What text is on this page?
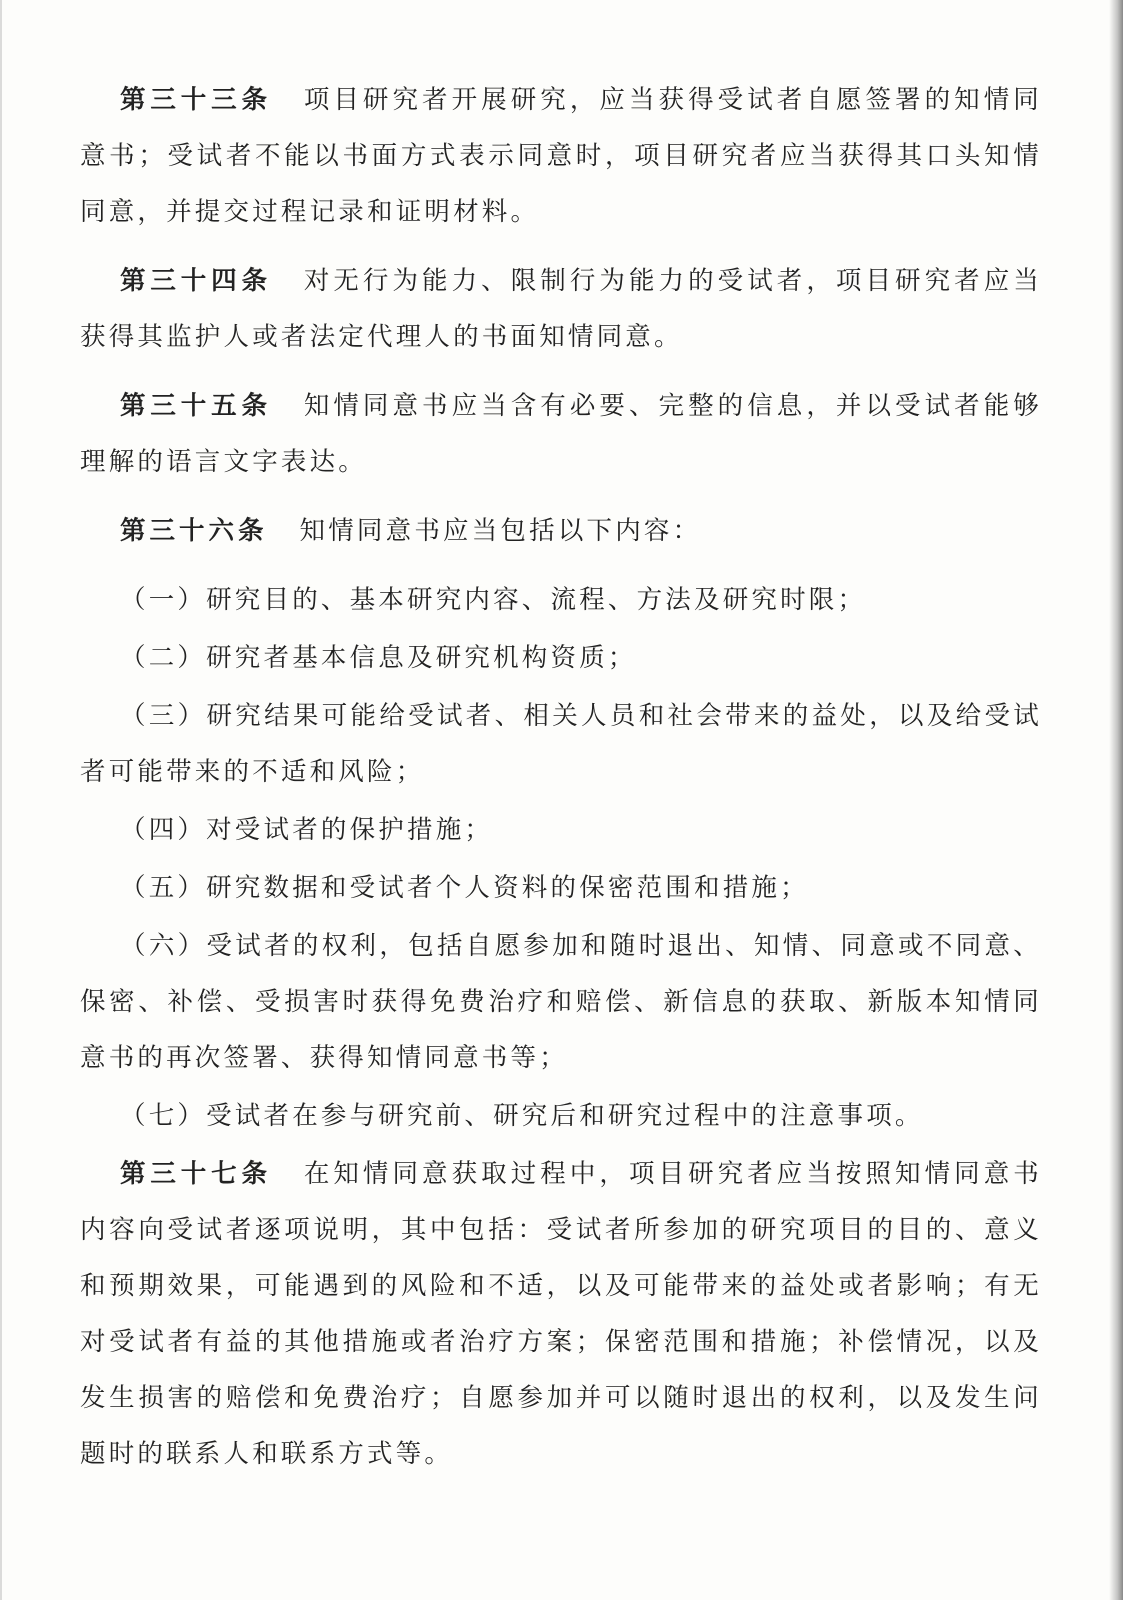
第三十三条 项目研究者开展研究，应当获得受试者自愿签署的知情同意书；受试者不能以书面方式表示同意时，项目研究者应当获得其口头知情同意，并提交过程记录和证明材料。

第三十四条 对无行为能力、限制行为能力的受试者，项目研究者应当获得其监护人或者法定代理人的书面知情同意。

第三十五条 知情同意书应当含有必要、完整的信息，并以受试者能够理解的语言文字表达。

第三十六条 知情同意书应当包括以下内容：

（一）研究目的、基本研究内容、流程、方法及研究时限；

（二）研究者基本信息及研究机构资质；

（三）研究结果可能给受试者、相关人员和社会带来的益处，以及给受试者可能带来的不适和风险；

（四）对受试者的保护措施；

（五）研究数据和受试者个人资料的保密范围和措施；

（六）受试者的权利，包括自愿参加和随时退出、知情、同意或不同意、保密、补偿、受损害时获得免费治疗和赔偿、新信息的获取、新版本知情同意书的再次签署、获得知情同意书等；

（七）受试者在参与研究前、研究后和研究过程中的注意事项。

第三十七条 在知情同意获取过程中，项目研究者应当按照知情同意书内容向受试者逐项说明，其中包括：受试者所参加的研究项目的目的、意义和预期效果，可能遇到的风险和不适，以及可能带来的益处或者影响；有无对受试者有益的其他措施或者治疗方案；保密范围和措施；补偿情况，以及发生损害的赔偿和免费治疗；自愿参加并可以随时退出的权利，以及发生问题时的联系人和联系方式等。
